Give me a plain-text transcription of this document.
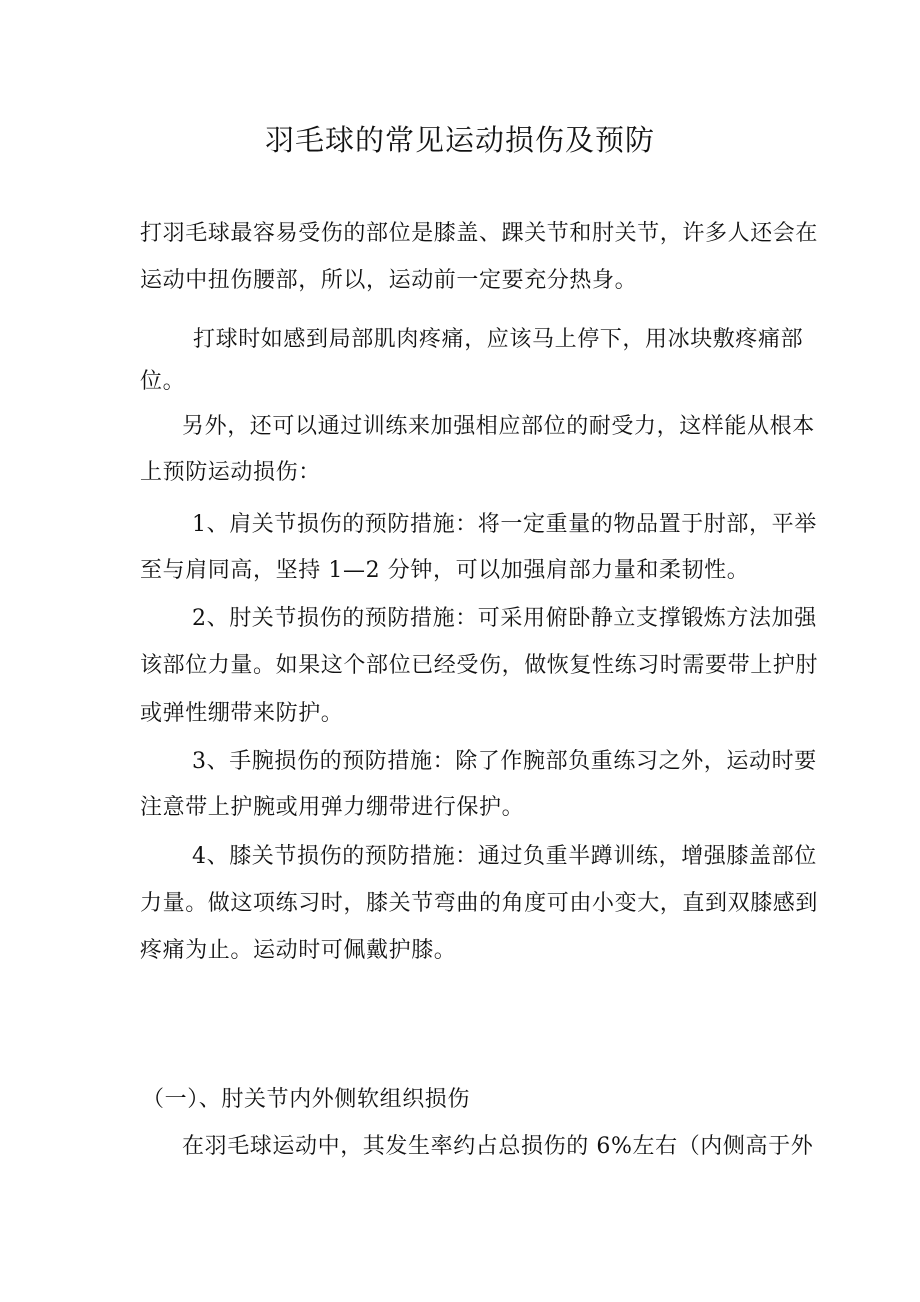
羽毛球的常见运动损伤及预防
打羽毛球最容易受伤的部位是膝盖、踝关节和肘关节，许多人还会在
运动中扭伤腰部，所以，运动前一定要充分热身。
打球时如感到局部肌肉疼痛，应该马上停下，用冰块敷疼痛部
位。
另外，还可以通过训练来加强相应部位的耐受力，这样能从根本
上预防运动损伤：
1、肩关节损伤的预防措施：将一定重量的物品置于肘部，平举
至与肩同高，坚持 1—2 分钟，可以加强肩部力量和柔韧性。
2、肘关节损伤的预防措施：可采用俯卧静立支撑锻炼方法加强
该部位力量。如果这个部位已经受伤，做恢复性练习时需要带上护肘
或弹性绷带来防护。
3、手腕损伤的预防措施：除了作腕部负重练习之外，运动时要
注意带上护腕或用弹力绷带进行保护。
4、膝关节损伤的预防措施：通过负重半蹲训练，增强膝盖部位
力量。做这项练习时，膝关节弯曲的角度可由小变大，直到双膝感到
疼痛为止。运动时可佩戴护膝。
（一）、肘关节内外侧软组织损伤
在羽毛球运动中，其发生率约占总损伤的 6%左右（内侧高于外
